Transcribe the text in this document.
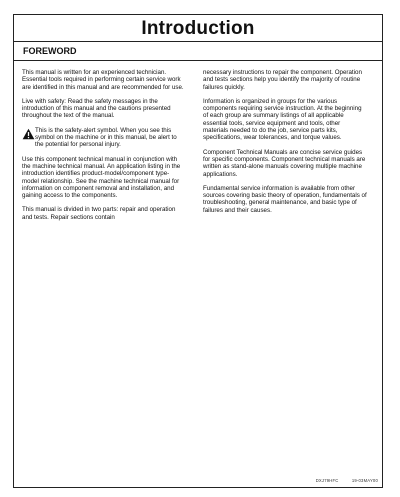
Introduction
FOREWORD

This manual is written for an experienced technician. Essential tools required in performing certain service work are identified in this manual and are recommended for use.

Live with safety: Read the safety messages in the introduction of this manual and the cautions presented throughout the text of the manual.

This is the safety-alert symbol. When you see this symbol on the machine or in this manual, be alert to the potential for personal injury.

Use this component technical manual in conjunction with the machine technical manual. An application listing in the introduction identifies product-model/component type-model relationship. See the machine technical manual for information on component removal and installation, and gaining access to the components.

This manual is divided in two parts: repair and operation and tests. Repair sections contain

necessary instructions to repair the component. Operation and tests sections help you identify the majority of routine failures quickly.

Information is organized in groups for the various components requiring service instruction. At the beginning of each group are summary listings of all applicable essential tools, service equipment and tools, other materials needed to do the job, service parts kits, specifications, wear tolerances, and torque values.

Component Technical Manuals are concise service guides for specific components. Component technical manuals are written as stand-alone manuals covering multiple machine applications.

Fundamental service information is available from other sources covering basic theory of operation, fundamentals of troubleshooting, general maintenance, and basic type of failures and their causes.

DXJ79HFC	19-03MAY00
